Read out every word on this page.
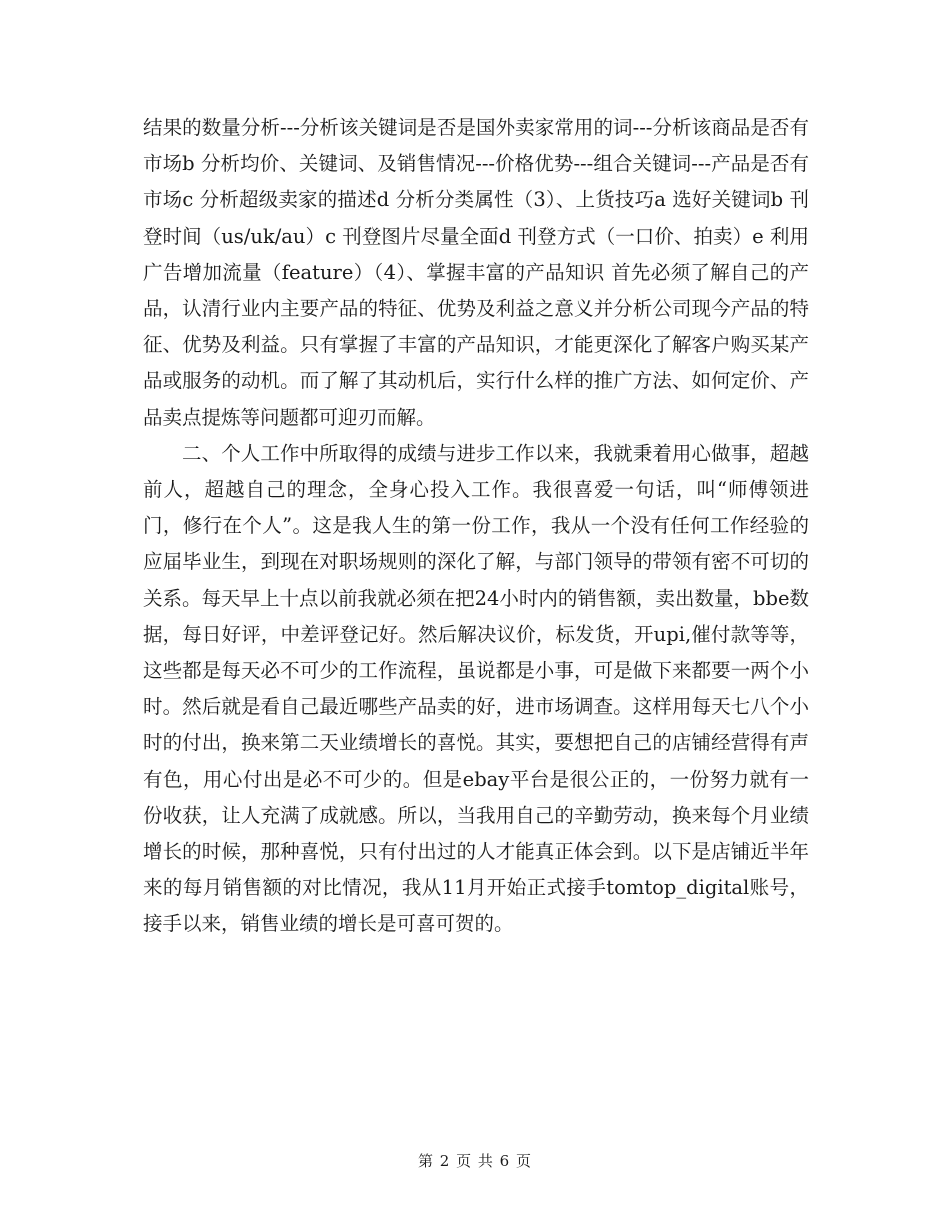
结果的数量分析---分析该关键词是否是国外卖家常用的词---分析该商品是否有市场b 分析均价、关键词、及销售情况---价格优势---组合关键词---产品是否有市场c 分析超级卖家的描述d 分析分类属性（3）、上货技巧a 选好关键词b 刊登时间（us/uk/au）c 刊登图片尽量全面d 刊登方式（一口价、拍卖）e 利用广告增加流量（feature）（4）、掌握丰富的产品知识 首先必须了解自己的产品，认清行业内主要产品的特征、优势及利益之意义并分析公司现今产品的特征、优势及利益。只有掌握了丰富的产品知识，才能更深化了解客户购买某产品或服务的动机。而了解了其动机后，实行什么样的推广方法、如何定价、产品卖点提炼等问题都可迎刃而解。

二、个人工作中所取得的成绩与进步工作以来，我就秉着用心做事，超越前人，超越自己的理念，全身心投入工作。我很喜爱一句话，叫“师傅领进门，修行在个人”。这是我人生的第一份工作，我从一个没有任何工作经验的应届毕业生，到现在对职场规则的深化了解，与部门领导的带领有密不可切的关系。每天早上十点以前我就必须在把24小时内的销售额，卖出数量，bbe数据，每日好评，中差评登记好。然后解决议价，标发货，开upi,催付款等等，这些都是每天必不可少的工作流程，虽说都是小事，可是做下来都要一两个小时。然后就是看自己最近哪些产品卖的好，进市场调查。这样用每天七八个小时的付出，换来第二天业绩增长的喜悦。其实，要想把自己的店铺经营得有声有色，用心付出是必不可少的。但是ebay平台是很公正的，一份努力就有一份收获，让人充满了成就感。所以，当我用自己的辛勤劳动，换来每个月业绩增长的时候，那种喜悦，只有付出过的人才能真正体会到。以下是店铺近半年来的每月销售额的对比情况，我从11月开始正式接手tomtop_digital账号，接手以来，销售业绩的增长是可喜可贺的。

第 2 页 共 6 页
